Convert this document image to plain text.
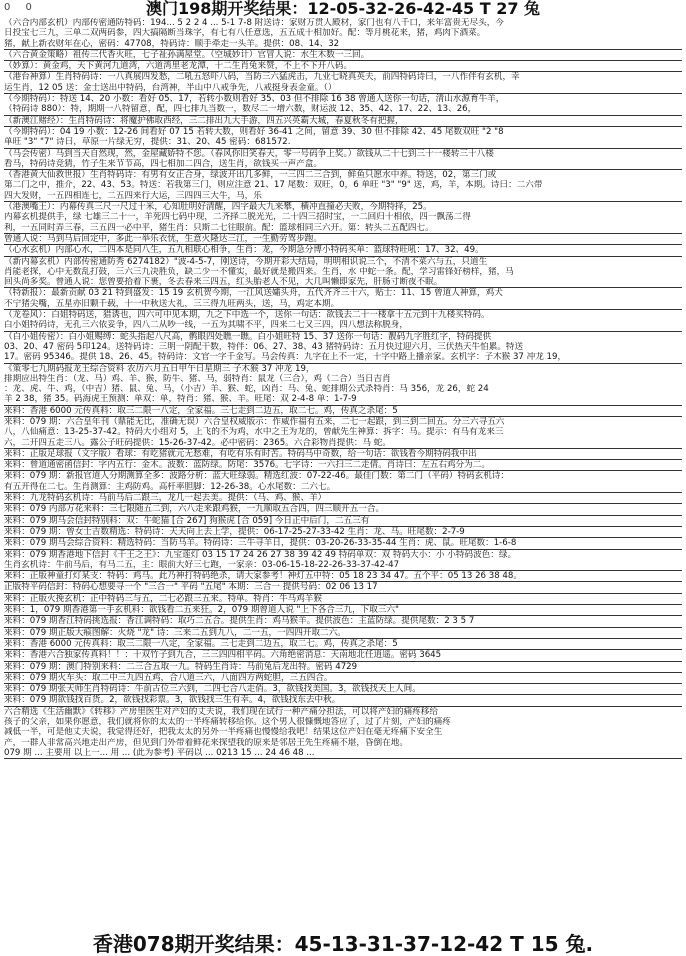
0 0	澳门198期开奖结果：12-05-32-26-42-45 T 27 兔
（六合内部玄机）内部传密通防特码：194... 5 2 2 4 ... 5-1 7-8 附送诗：家财万贯人殿材，家门也有八千口，来年富贵无尽头，今
日投宝七三九，三单二双两码参，四大搞隔断当珠字，有七有八任意选，五五成十相加好。配：等月桃花来，猪，鸡肉下酒菜。
猪，献上新衣财年在心，密码：47708，特码诗：顺手牵走一头羊。提供：08、14、32
（六合黄金策略）祖传三代香火旺，七子祉孙满屋堂。（空城妙计）官冒人说：水生木数一三回。
（妙算）：黄金鸡，天下黄河九道湾，六道湾里老龙潭，十二生肖兔来赞，不上不下开八码。
（港台神算）生肖特码诗：一八真展四发愁，二吼五怒吓八码，当防三六猛虎击，九业七晓真英夫，前四特码诗曰，一八作伴有玄机，幸
运生肖，12 05 送：金士送出中特码，台湾神，半山中八戒争先，八戒挺身表金童。（）
（今期特码）：特送 14、20 小数：看好 05、17，若转小数则看好 35、03 但不排除 16 38 曾通人送你一句话，清山水源育牛羊，
（特码诗 880）：特，期期一八特留意，配，四七排九当数一，数尽二一增六数，财运波 12、35、42、17、22、13、26，
（新澳江赌经）：生肖特码诗：将魔护佛取西经，三二排出九大手游，四五兴英霸大城，春夏秋冬有把握，
（今期特码）：04 19 小数：12-26 间看好 07 15 若转大数，则看好 36-41 之间，留意 39、30 但不排除 42、45 尾数双旺 "2 "8
单旺 "3" "7" 诗曰，草原一片绿无穷，提供：31、20、45 密码：681572.
（马会传密）马到当天自然现，然，金屋藏娇特不您。（春风你旧笑春天，零一号码争上奖。）欲钱从二十七到三十一楼转三十八楼
看马，特码诗竞猜，竹子生来节节高，四七相加二四合，送生肖，欲钱买一声产盒。
（香港黄大仙救世报）生肖特码诗：有男有女正合身，绿波开出几多鲜，一三四二三合到，鲜鱼只愿水中养。特送，02，第三门或
第二门之中，推介，22、43、53。特送：若我第三门，则应注意 21、17 尾数：双旺，0，6 单旺 "3" "9" 送，鸡，羊，本期。诗曰：二六带
四大发财，一五四相连七，二五四来行大运，三四四三大牛，马，乐
（港澳嘴王）：内幕传真三尺一尺过十米，心知肚明好清醒，四字最大九来攀，横冲直撞必夫败，今期特择，25。
内幕玄机提供手，绿 七雄三二十一，羊死四七码中现，二齐择二脱光光，二十四三招时宝，一二回归十相依，四一飘荡二得
利，一五同时弄三春，三五四一必中平，猪生肖：只斯二七往眼前。配：篮球相同三六开。第：转头二五配四七。
曾通人说：马到马后回定中，多此一举乐衣忧，生意火隆达三江，一生勤劳驾步跑。
（心水玄机）内部心水，二四本是同八生，五九相联心相争，生肖：龙，今期急分博小特码买单：篮球特旺吼：17、32、49。
（新内幕玄机）内部传密通防秀 6274182）"波-4-5-7，刚送诗，今期开彩大结局，明明相识说三个，不清不菜六与五，只道生
肖能老探，心中无数乱打鼓，三六三九决胜负，缺二少一不懂实，最好就是搬四来。生肖，水 中蛇一条。配，学习雷锋好榜样，猪，马
回头尚多奖。曾通人说：您曾要拾着下裹，冬去春来三四五，红头胎老人不见，大几叫懒即家先，肝肠寸断夜不眠。
（特新报）：最新贡献 03 21 特到盛发：15 19 玄机贺今期，一江风送孀头舟，五代齐齐三十六，贴士：11、15 曾道人神算，鸡犬
不宁猪尖嘴，五星亦旧颗千载，十一中秋送大礼，三三得九旺两头，送，马，鸡定本期。
（龙卷风）：白姐特码送，猎诱也，四六可中见本期，九之下中选一个，送你一句话：欲钱去二十一楼拿十五元到十九楼买特码。
白小姐特码诗，无孔三六依妥争，四八二从吵一线，一五为其啸不平，四来二七又三四，四八想法称脱身，
（白小姐传密）：白小姐赐缚：蛇头指起八尺高，鹘眼四处瞧一瞧。白小姐旺特 15、37 送你一句话：靓码九字胜红字，特码提供
03、20、47 密码 5印124。送特码诗：三明一阴配干数，特伴：06、27、38、43 猪特码诗：五月快过迎六月，三伏热天牛怕累。特送
17。密码 95346。提供 18、26、45。特码诗：文官一字千金写。马会传真：九字在上不一定，十字中路上播亲家。玄机字：子木猴 37 冲龙 19，
《策零七九期码报龙王综合资料 农历六月五日甲午日星期三 子木猴 37 冲龙 19，
排期应出特生肖：（龙、马）鸡、羊、猴，防牛、猪、马，弱特肖：鼠龙（三合），鸡（二合）当日吉肖
：龙、虎、牛、鸡，（中吉）猪、鼠、兔、马，（小吉）羊、猴、蛇，凶肖：马、兔、蛇排期公式杀特肖：马 356，龙 26，蛇 24
羊 2 38，猪 35。码海虎王预测：单双：单，特肖：猪、猴、羊。旺尾：双 2-4-8 单：1-7-9
来料：香港 6000 元传真料：取三二限一八定，全家福。三七走到二边五，取二七。鸡，传真之杀尾：5
来料：079 期：六合皇年刊（鼎能无比，准确无误）六合皇权威版示：作威作福有五来，二七一起跟，到三到二回五。分三六寻五六
八，八仙痛意：13-25-37-42。特码大小组对 5，上飞的不为鸡，水中之王为龙的，曾献先生神算：拆字：马。提示：有马有龙来三
六，二开四五走三八。露公子旺码提供：15-26-37-42。必中密码：2365。六合彩物肖提供：马 蛇。
来料：正版足球报（文字版）看球：有吃猪就元无愁难，有吃有乐有时苦。特码马中奇数，给一句话：欲钱看今期特码我中出
来料：曾道通密函信封：字内五行：金木。波数：蓝防绿。防尾：3576。七字诗：一六扫三二走倩。肖诗曰：左五右鸡分为二。
来料：079 期：新报官道人分期测算全多：波路分析：蓝大旺绿弱。精选红波：07-22-46。最佳门数：第二门（平码）特码玄机诗：
有五开得在二七。生肖测算：主鸡防鸡。高杆率胆脚：12-26-38。心水尾数：二六七。
来料：九龙特码玄机诗：马前马后二跟三，龙几一起去美。提供：（马、鸡、猴、羊）
来料：079 内部万花来料：三七限随五二到，六八走来跟鸡猴，一九顺取五合四，四三顺开五一合。
来料：079 期马会信封特别料：双：牛蛇猫 [合 267] 狗猴虎 [合 059] 今日正中后门，二五三有
来料：079 期：曾女士吉数精选：特码诗：天天向上去上学，提供：06-17-25-27-33-42 生肖：龙、马。旺尾数：2-7-9
来料：079 期马会综合资料：精选特码：当防马羊。特码诗：三牛寻羊日，提供：03-20-26-33-35-44 生肖：虎、鼠。旺尾数：1-6-8
来料：079 期香港地下信封《千王之王》：九宝莲灯 03 15 17 24 26 27 38 39 42 49 特码单双：双 特码大小：小 小特码波色：绿。
生肖玄机诗：牛前马后，有马二五，主：眼前大好三七跑，一家亲：03-06-15-18-22-26-33-37-42-47
来料：正版神童打灯某支：特码：鸡马。此乃神打特码绝杀，请大家参考！神灯五中特：05 18 23 34 47。五个平：05 13 26 38 48。
正版特平码信封：特码心想要寻一个 "三合一" 平码 "五尾" 本期：三合一 提供号码：02 06 13 17
来料：正版火挽玄机：正中特码三与五，二七必跟三五来。特单。特肖：牛马鸡羊猴
来料：1，079 期香港第一手玄机料：欲钱看二五来狂。2，079 期曾道人说 "上下各合三九，下取三六"
来料：079 期香江特码挑选报：香江调特码：取巧二五合。提供生肖：鸡马猴羊。提供波色：主蓝防绿。提供尾数：2 3 5 7
来料：079 期正版大瘊图解：火烧 "龙" 诗：三来二五到九八，二一五，一四四开取二六。
来料：香港 6000 元传真料：取三二限一八定，全家福。三七走到二边五，取二七。鸡，传真之杀尾：5
来料：香港六合独家传真料！！：十双竹子到九合，三三四四相平码。六角绝密消息：天南地北任逍遥。密码 3645
来料：079 期：澳门特别来料：二三合五取一九。特码生肖诗：马前兔后龙出特。密码 4729
来料：079 期火车头：取二中三九四五鸡，合八道三六，八面四方两蛇胆，三五四合。
来料：079 期张天师生肖特码诗：牛前古位三六到，二四七合八走俏。3，欲钱找美国。3，欲钱找天上人间。
来料：079 期欲钱找百货。2，欲钱找彩票。3，欲钱找三生有幸。4，欲钱找东去中秋。
六合精选《生活幽默》《转移》产房里医生对产妇的丈夫说，我们现在试行一种产痛分担法，可以将产妇的痛疼移给
孩子的父亲，如果你愿意，我们就将你的太太的一半疼痛转移给你。这个男人很慷慨地答应了，过了片刻，产妇的痛疼
减低一半，可是他丈夫说，我觉得还好，把我太太的另外一半疼痛也慢慢给我吧！结果这位产妇在毫无疼痛下安全生
产，一群人非常高兴地走出产房，但见到门外带着鲜花来探望我的原来是邻居王先生疼痛不堪，昏倒在地。
079 期 ... 主要用 以上一... 用 ... (此为参考) 平码以 ... 0213 15 ... 24 46 48 ...
香港078期开奖结果：45-13-31-37-12-42 T 15 兔.
